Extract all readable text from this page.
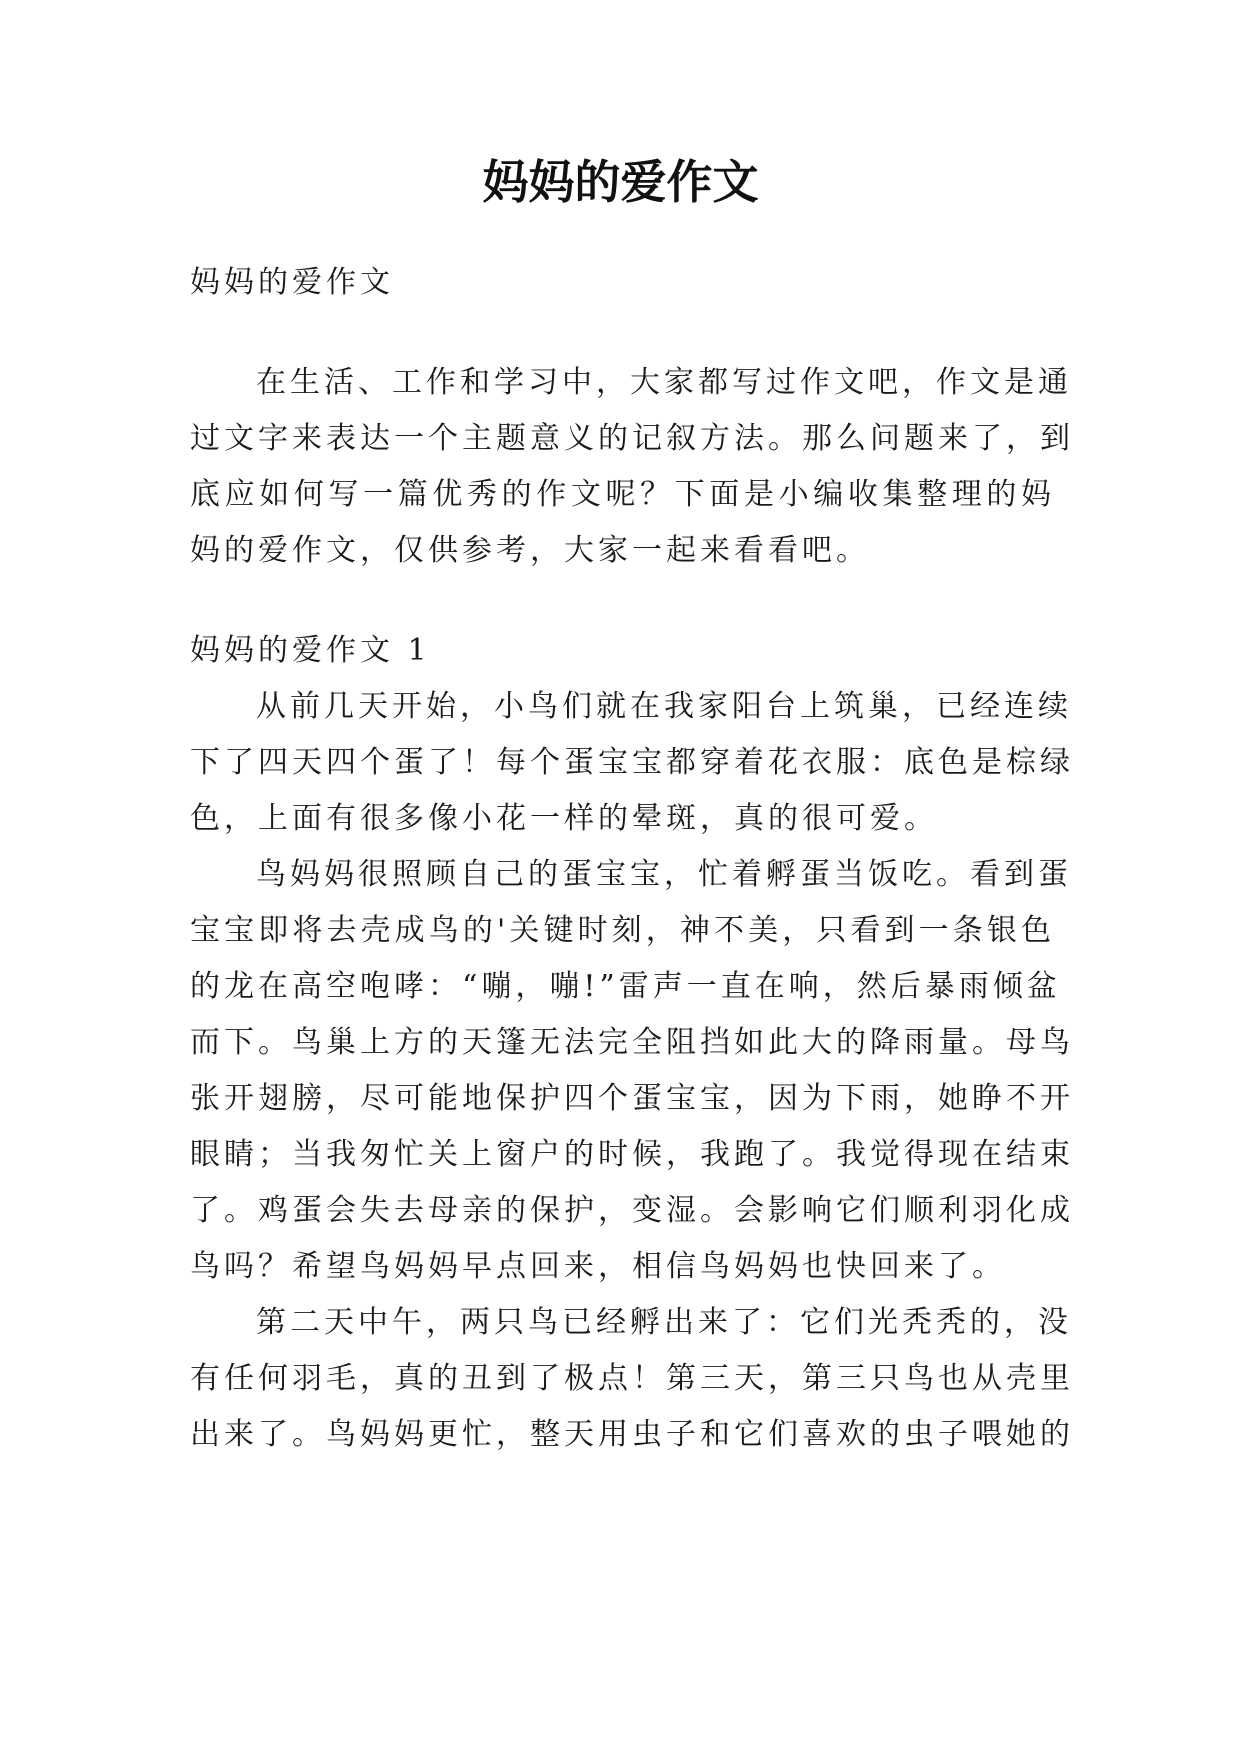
妈妈的爱作文

妈妈的爱作文

在生活、工作和学习中，大家都写过作文吧，作文是通

过文字来表达一个主题意义的记叙方法。那么问题来了，到

底应如何写一篇优秀的作文呢？下面是小编收集整理的妈

妈的爱作文，仅供参考，大家一起来看看吧。

妈妈的爱作文 1

从前几天开始，小鸟们就在我家阳台上筑巢，已经连续

下了四天四个蛋了！每个蛋宝宝都穿着花衣服：底色是棕绿

色，上面有很多像小花一样的晕斑，真的很可爱。

鸟妈妈很照顾自己的蛋宝宝，忙着孵蛋当饭吃。看到蛋

宝宝即将去壳成鸟的'关键时刻，神不美，只看到一条银色

的龙在高空咆哮：“嘣，嘣!”雷声一直在响，然后暴雨倾盆

而下。鸟巢上方的天篷无法完全阻挡如此大的降雨量。母鸟

张开翅膀，尽可能地保护四个蛋宝宝，因为下雨，她睁不开

眼睛；当我匆忙关上窗户的时候，我跑了。我觉得现在结束

了。鸡蛋会失去母亲的保护，变湿。会影响它们顺利羽化成

鸟吗？希望鸟妈妈早点回来，相信鸟妈妈也快回来了。

第二天中午，两只鸟已经孵出来了：它们光秃秃的，没

有任何羽毛，真的丑到了极点！第三天，第三只鸟也从壳里

出来了。鸟妈妈更忙，整天用虫子和它们喜欢的虫子喂她的
